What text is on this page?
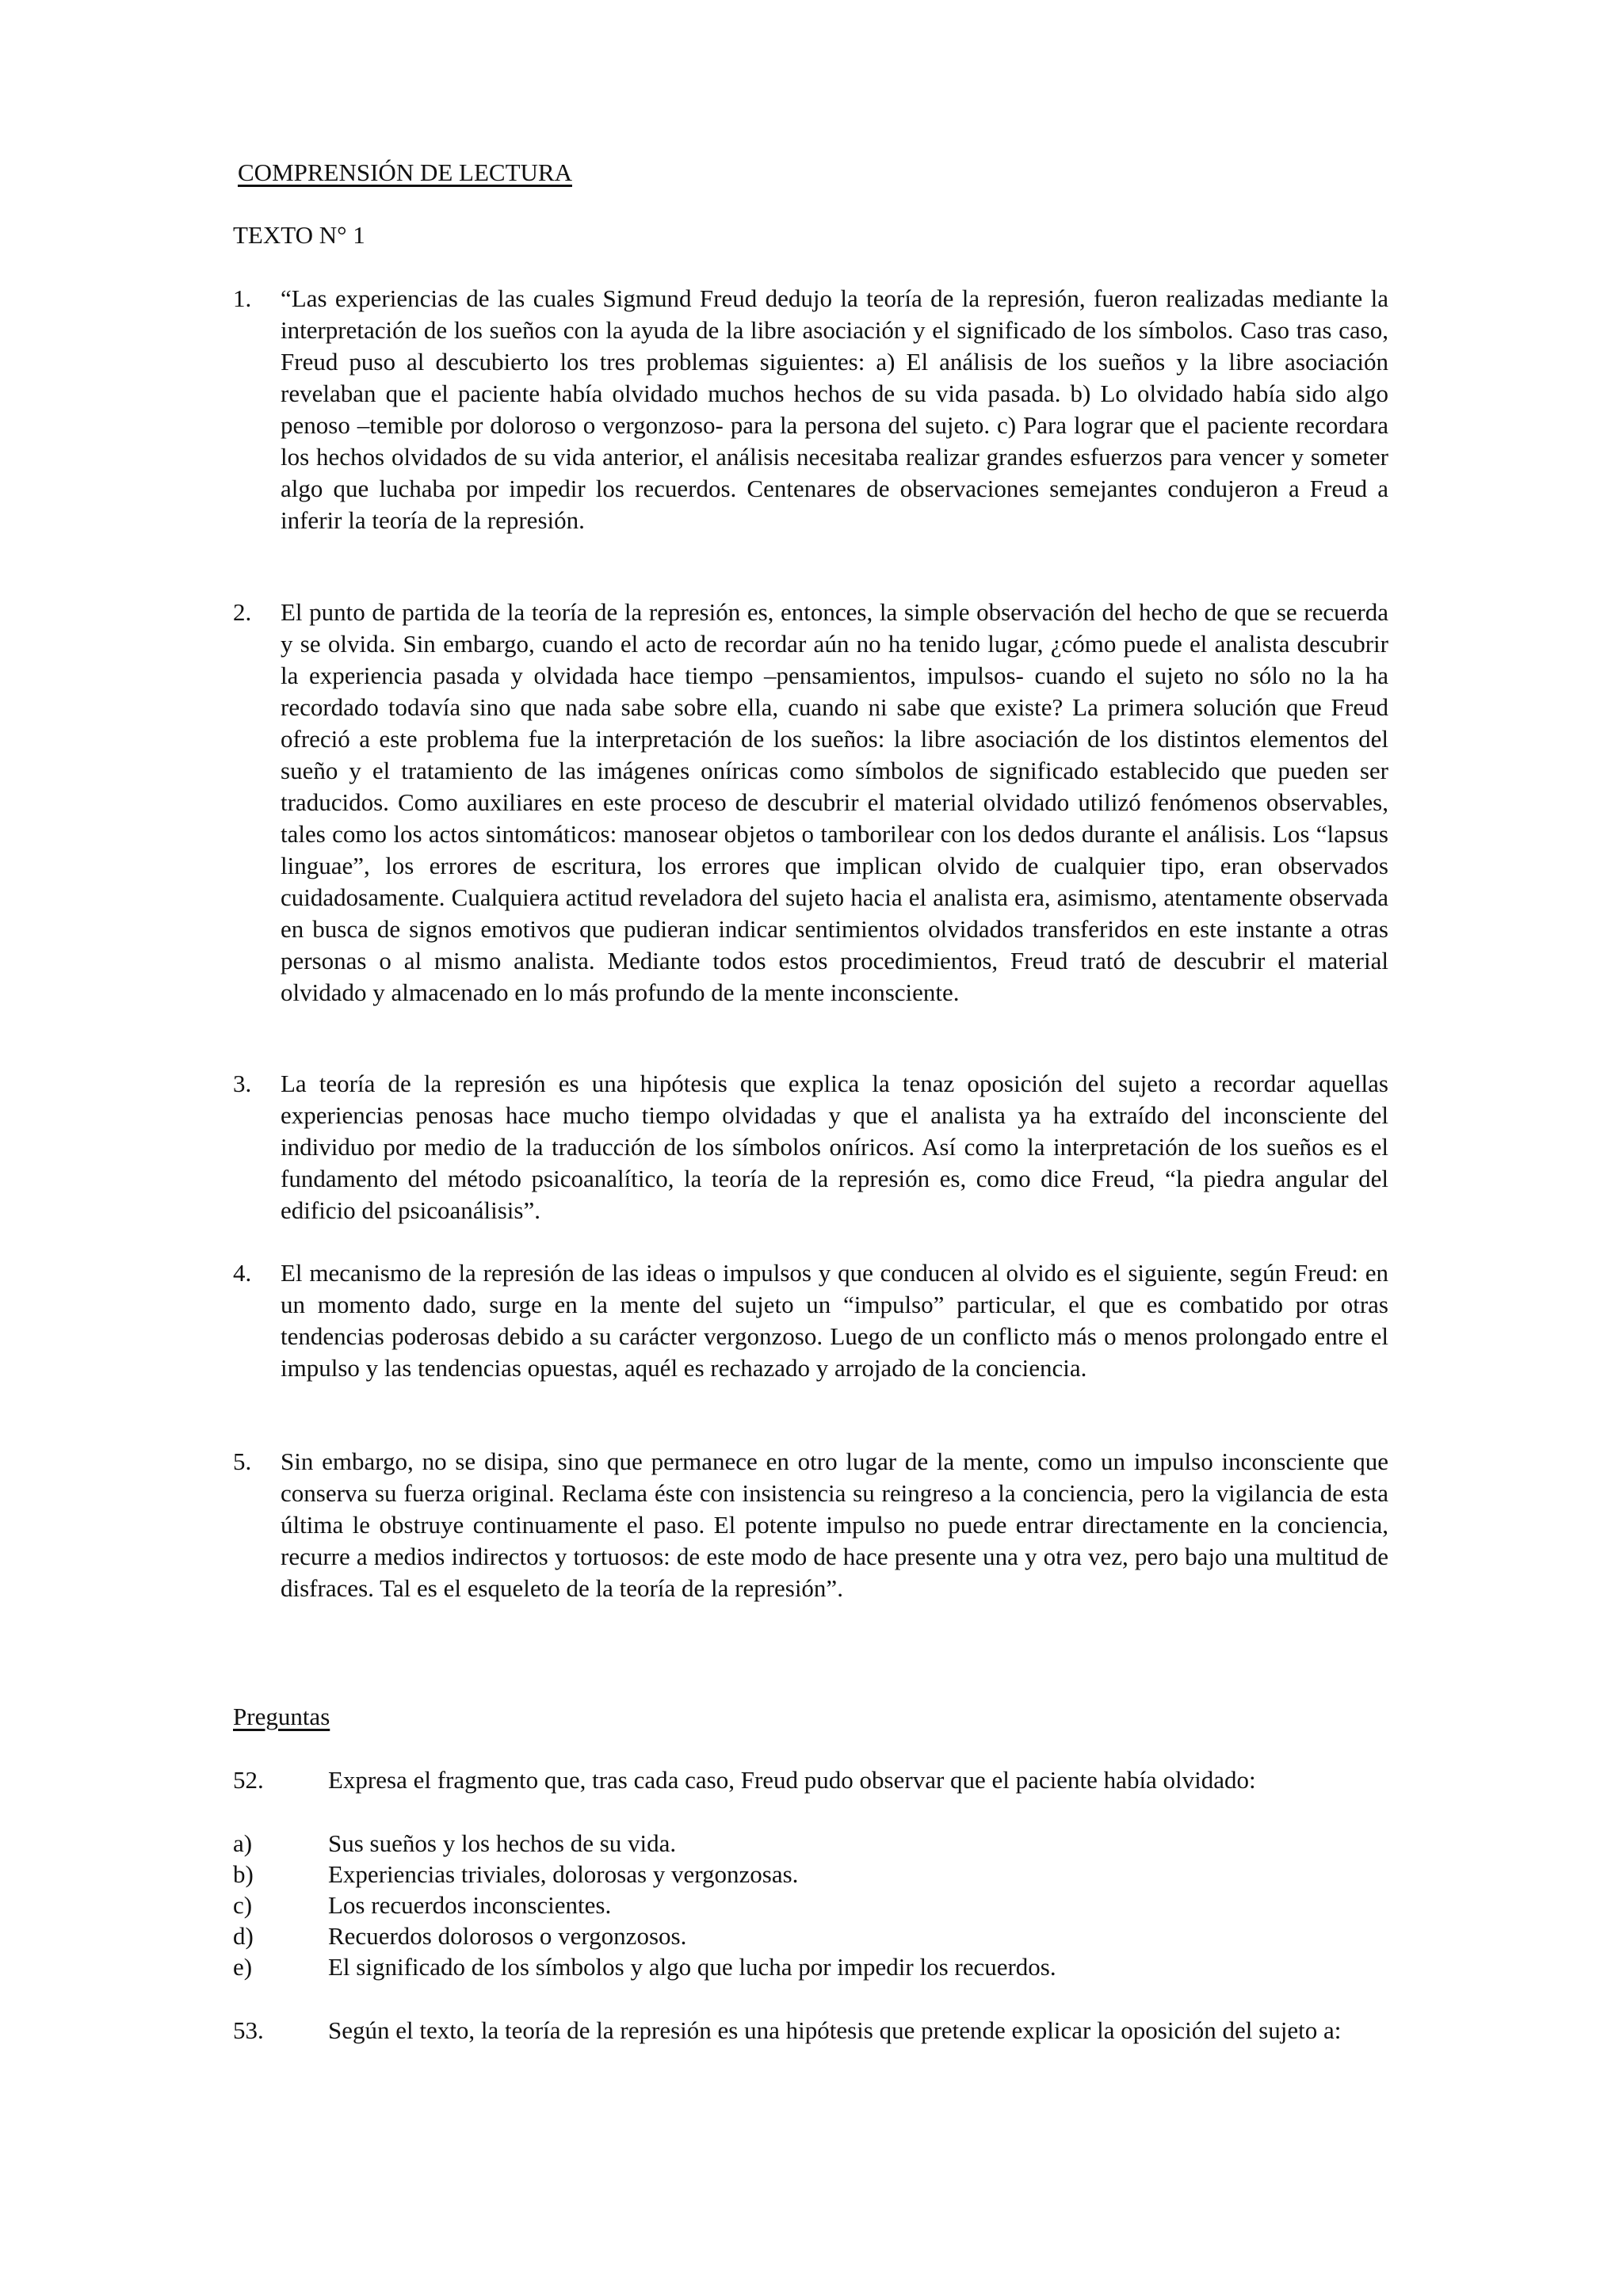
COMPRENSIÓN DE LECTURA
TEXTO N° 1
1. “Las experiencias de las cuales Sigmund Freud dedujo la teoría de la represión, fueron realizadas mediante la interpretación de los sueños con la ayuda de la libre asociación y el significado de los símbolos. Caso tras caso, Freud puso al descubierto los tres problemas siguientes: a) El análisis de los sueños y la libre asociación revelaban que el paciente había olvidado muchos hechos de su vida pasada. b) Lo olvidado había sido algo penoso –temible por doloroso o vergonzoso- para la persona del sujeto. c) Para lograr que el paciente recordara los hechos olvidados de su vida anterior, el análisis necesitaba realizar grandes esfuerzos para vencer y someter algo que luchaba por impedir los recuerdos. Centenares de observaciones semejantes condujeron a Freud a inferir la teoría de la represión.
2. El punto de partida de la teoría de la represión es, entonces, la simple observación del hecho de que se recuerda y se olvida. Sin embargo, cuando el acto de recordar aún no ha tenido lugar, ¿cómo puede el analista descubrir la experiencia pasada y olvidada hace tiempo –pensamientos, impulsos- cuando el sujeto no sólo no la ha recordado todavía sino que nada sabe sobre ella, cuando ni sabe que existe? La primera solución que Freud ofreció a este problema fue la interpretación de los sueños: la libre asociación de los distintos elementos del sueño y el tratamiento de las imágenes oníricas como símbolos de significado establecido que pueden ser traducidos. Como auxiliares en este proceso de descubrir el material olvidado utilizó fenómenos observables, tales como los actos sintomáticos: manosear objetos o tamborilear con los dedos durante el análisis. Los “lapsus linguae”, los errores de escritura, los errores que implican olvido de cualquier tipo, eran observados cuidadosamente. Cualquiera actitud reveladora del sujeto hacia el analista era, asimismo, atentamente observada en busca de signos emotivos que pudieran indicar sentimientos olvidados transferidos en este instante a otras personas o al mismo analista. Mediante todos estos procedimientos, Freud trató de descubrir el material olvidado y almacenado en lo más profundo de la mente inconsciente.
3. La teoría de la represión es una hipótesis que explica la tenaz oposición del sujeto a recordar aquellas experiencias penosas hace mucho tiempo olvidadas y que el analista ya ha extraído del inconsciente del individuo por medio de la traducción de los símbolos oníricos. Así como la interpretación de los sueños es el fundamento del método psicoanalítico, la teoría de la represión es, como dice Freud, “la piedra angular del edificio del psicoanálisis”.
4. El mecanismo de la represión de las ideas o impulsos y que conducen al olvido es el siguiente, según Freud: en un momento dado, surge en la mente del sujeto un “impulso” particular, el que es combatido por otras tendencias poderosas debido a su carácter vergonzoso. Luego de un conflicto más o menos prolongado entre el impulso y las tendencias opuestas, aquél es rechazado y arrojado de la conciencia.
5. Sin embargo, no se disipa, sino que permanece en otro lugar de la mente, como un impulso inconsciente que conserva su fuerza original. Reclama éste con insistencia su reingreso a la conciencia, pero la vigilancia de esta última le obstruye continuamente el paso. El potente impulso no puede entrar directamente en la conciencia, recurre a medios indirectos y tortuosos: de este modo de hace presente una y otra vez, pero bajo una multitud de disfraces. Tal es el esqueleto de la teoría de la represión”.
Preguntas
52.	Expresa el fragmento que, tras cada caso, Freud pudo observar que el paciente había olvidado:
a)	Sus sueños y los hechos de su vida.
b)	Experiencias triviales, dolorosas y vergonzosas.
c)	Los recuerdos inconscientes.
d)	Recuerdos dolorosos o vergonzosos.
e)	El significado de los símbolos y algo que lucha por impedir los recuerdos.
53.	Según el texto, la teoría de la represión es una hipótesis que pretende explicar la oposición del sujeto a:
